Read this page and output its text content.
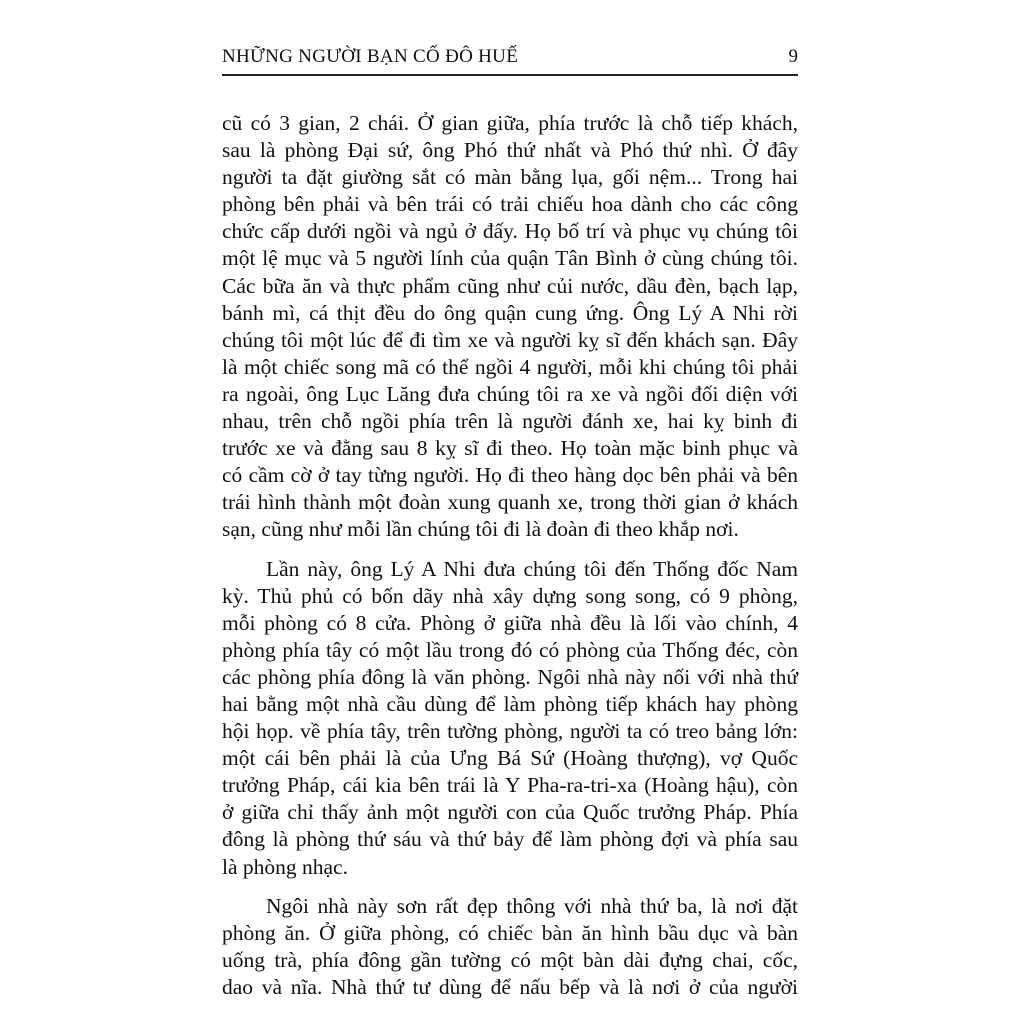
NHỮNG NGƯỜI BẠN CỐ ĐÔ HUẾ	9
cũ có 3 gian, 2 chái. Ở gian giữa, phía trước là chỗ tiếp khách,
sau là phòng Đại sứ, ông Phó thứ nhất và Phó thứ nhì. Ở đây
người ta đặt giường sắt có màn bằng lụa, gối nệm... Trong hai
phòng bên phải và bên trái có trải chiếu hoa dành cho các công
chức cấp dưới ngồi và ngủ ở đấy. Họ bố trí và phục vụ chúng tôi
một lệ mục và 5 người lính của quận Tân Bình ở cùng chúng tôi.
Các bữa ăn và thực phẩm cũng như củi nước, dầu đèn, bạch lạp,
bánh mì, cá thịt đều do ông quận cung ứng. Ông Lý A Nhi rời
chúng tôi một lúc để đi tìm xe và người kỵ sĩ đến khách sạn. Đây
là một chiếc song mã có thể ngồi 4 người, mỗi khi chúng tôi phải
ra ngoài, ông Lục Lăng đưa chúng tôi ra xe và ngồi đối diện với
nhau, trên chỗ ngồi phía trên là người đánh xe, hai kỵ binh đi
trước xe và đằng sau 8 kỵ sĩ đi theo. Họ toàn mặc binh phục và
có cầm cờ ở tay từng người. Họ đi theo hàng dọc bên phải và bên
trái hình thành một đoàn xung quanh xe, trong thời gian ở khách
sạn, cũng như mỗi lần chúng tôi đi là đoàn đi theo khắp nơi.
Lần này, ông Lý A Nhi đưa chúng tôi đến Thống đốc Nam
kỳ. Thủ phủ có bốn dãy nhà xây dựng song song, có 9 phòng,
mỗi phòng có 8 cửa. Phòng ở giữa nhà đều là lối vào chính, 4
phòng phía tây có một lầu trong đó có phòng của Thống đéc, còn
các phòng phía đông là văn phòng. Ngôi nhà này nối với nhà thứ
hai bằng một nhà cầu dùng để làm phòng tiếp khách hay phòng
hội họp. về phía tây, trên tường phòng, người ta có treo bảng lớn:
một cái bên phải là của Ưng Bá Sứ (Hoàng thượng), vợ Quốc
trưởng Pháp, cái kia bên trái là Y Pha-ra-tri-xa (Hoàng hậu), còn
ở giữa chỉ thấy ảnh một người con của Quốc trưởng Pháp. Phía
đông là phòng thứ sáu và thứ bảy để làm phòng đợi và phía sau
là phòng nhạc.
Ngôi nhà này sơn rất đẹp thông với nhà thứ ba, là nơi đặt
phòng ăn. Ở giữa phòng, có chiếc bàn ăn hình bầu dục và bàn
uống trà, phía đông gần tường có một bàn dài đựng chai, cốc,
dao và nĩa. Nhà thứ tư dùng để nấu bếp và là nơi ở của người
